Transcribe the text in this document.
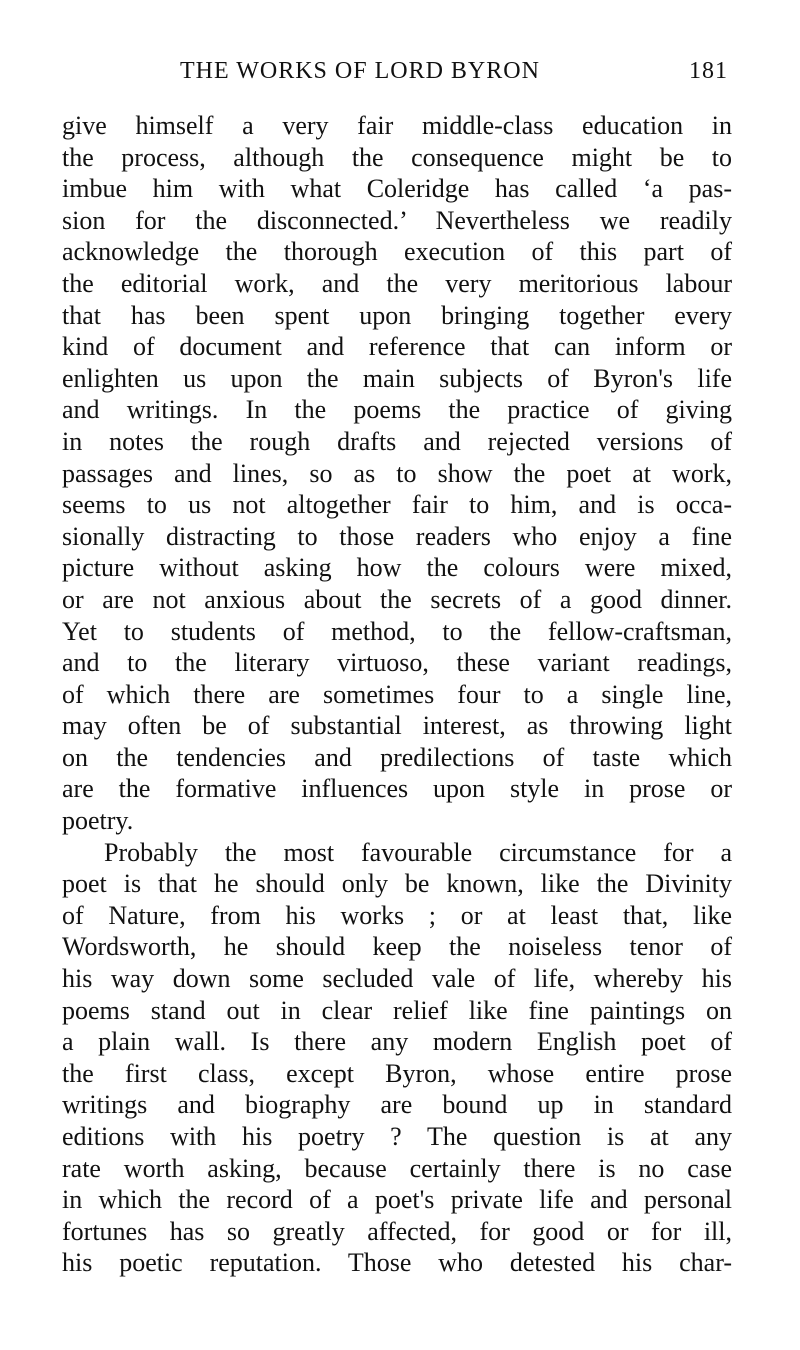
THE WORKS OF LORD BYRON	181
give himself a very fair middle-class education in
the process, although the consequence might be to
imbue him with what Coleridge has called ‘a pas-
sion for the disconnected.’ Nevertheless we readily
acknowledge the thorough execution of this part of
the editorial work, and the very meritorious labour
that has been spent upon bringing together every
kind of document and reference that can inform or
enlighten us upon the main subjects of Byron's life
and writings. In the poems the practice of giving
in notes the rough drafts and rejected versions of
passages and lines, so as to show the poet at work,
seems to us not altogether fair to him, and is occa-
sionally distracting to those readers who enjoy a fine
picture without asking how the colours were mixed,
or are not anxious about the secrets of a good dinner.
Yet to students of method, to the fellow-craftsman,
and to the literary virtuoso, these variant readings,
of which there are sometimes four to a single line,
may often be of substantial interest, as throwing light
on the tendencies and predilections of taste which
are the formative influences upon style in prose or
poetry.
Probably the most favourable circumstance for a
poet is that he should only be known, like the Divinity
of Nature, from his works ; or at least that, like
Wordsworth, he should keep the noiseless tenor of
his way down some secluded vale of life, whereby his
poems stand out in clear relief like fine paintings on
a plain wall. Is there any modern English poet of
the first class, except Byron, whose entire prose
writings and biography are bound up in standard
editions with his poetry ? The question is at any
rate worth asking, because certainly there is no case
in which the record of a poet's private life and personal
fortunes has so greatly affected, for good or for ill,
his poetic reputation. Those who detested his char-
